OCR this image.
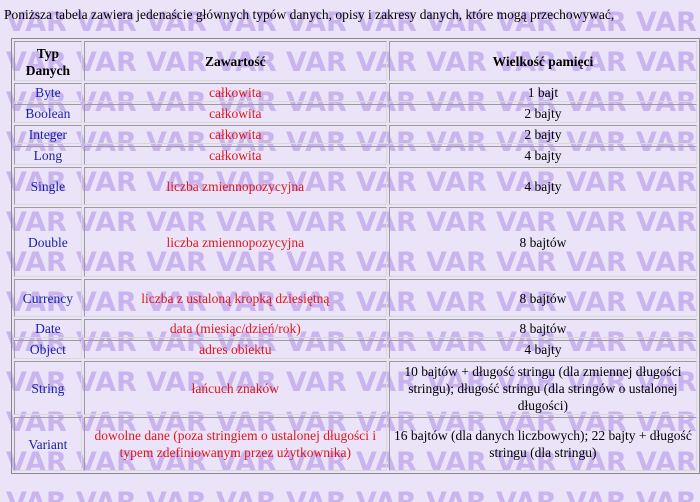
Poniższa tabela zawiera jedenaście głównych typów danych, opisy i zakresy danych, które mogą przechowywać,

Typ Danych	Zawartość	Wielkość pamięci
Byte	całkowita	1 bajt
Boolean	całkowita	2 bajty
Integer	całkowita	2 bajty
Long	całkowita	4 bajty
Single	liczba zmiennopozycyjna	4 bajty
Double	liczba zmiennopozycyjna	8 bajtów
Currency	liczba z ustaloną kropką dziesiętną	8 bajtów
Date	data (miesiąc/dzień/rok)	8 bajtów
Object	adres obiektu	4 bajty
String	łańcuch znaków	10 bajtów + długość stringu (dla zmiennej długości stringu); długość stringu (dla stringów o ustalonej długości)
Variant	dowolne dane (poza stringiem o ustalonej długości i typem zdefiniowanym przez użytkownika)	16 bajtów (dla danych liczbowych); 22 bajty + długość stringu (dla stringu)
